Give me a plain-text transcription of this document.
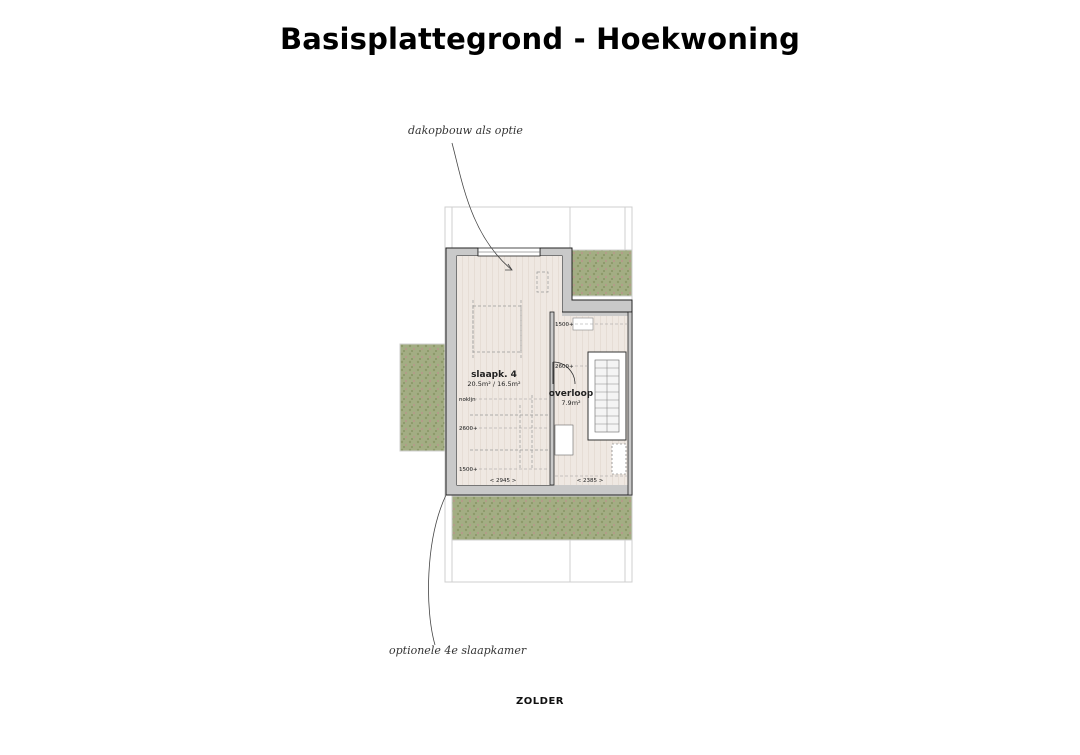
Basisplattegrond - Hoekwoning
dakopbouw als optie
optionele 4e slaapkamer
slaapk. 4
20.5m² / 16.5m²
overloop
7.9m²
nokljn
2600+
1500+
1500+
2600+
< 2945 >	< 2385 >
ZOLDER
